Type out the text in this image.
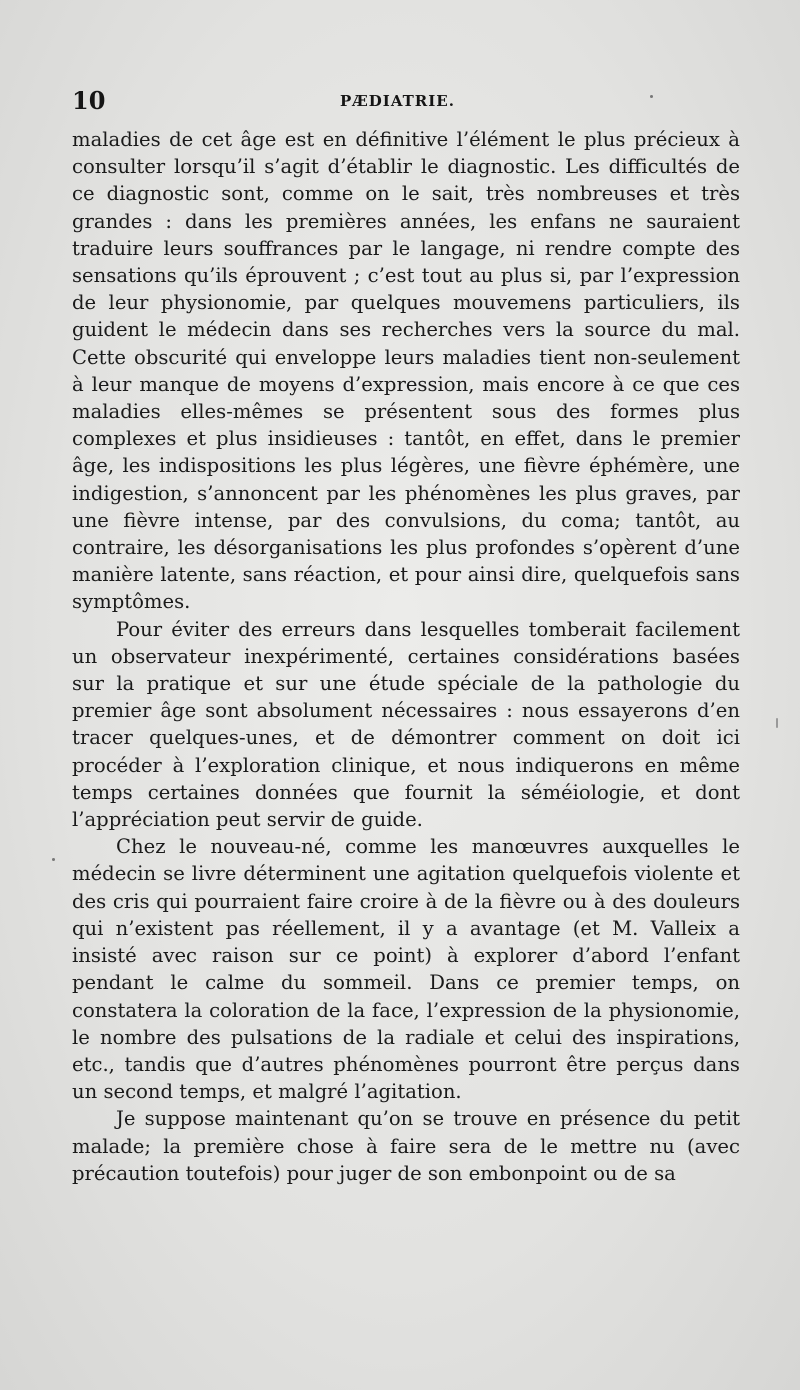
10	PÆDIATRIE.

maladies de cet âge est en définitive l’élément le plus précieux à consulter lorsqu’il s’agit d’établir le diagnostic. Les difficultés de ce diagnostic sont, comme on le sait, très nombreuses et très grandes : dans les premières années, les enfans ne sauraient traduire leurs souffrances par le langage, ni rendre compte des sensations qu’ils éprouvent ; c’est tout au plus si, par l’expression de leur physionomie, par quelques mouvemens particuliers, ils guident le médecin dans ses recherches vers la source du mal. Cette obscurité qui enveloppe leurs maladies tient non-seulement à leur manque de moyens d’expression, mais encore à ce que ces maladies elles-mêmes se présentent sous des formes plus complexes et plus insidieuses : tantôt, en effet, dans le premier âge, les indispositions les plus légères, une fièvre éphémère, une indigestion, s’annoncent par les phénomènes les plus graves, par une fièvre intense, par des convulsions, du coma; tantôt, au contraire, les désorganisations les plus profondes s’opèrent d’une manière latente, sans réaction, et pour ainsi dire, quelquefois sans symptômes.

Pour éviter des erreurs dans lesquelles tomberait facilement un observateur inexpérimenté, certaines considérations basées sur la pratique et sur une étude spéciale de la pathologie du premier âge sont absolument nécessaires : nous essayerons d’en tracer quelques-unes, et de démontrer comment on doit ici procéder à l’exploration clinique, et nous indiquerons en même temps certaines données que fournit la séméiologie, et dont l’appréciation peut servir de guide.

Chez le nouveau-né, comme les manœuvres auxquelles le médecin se livre déterminent une agitation quelquefois violente et des cris qui pourraient faire croire à de la fièvre ou à des douleurs qui n’existent pas réellement, il y a avantage (et M. Valleix a insisté avec raison sur ce point) à explorer d’abord l’enfant pendant le calme du sommeil. Dans ce premier temps, on constatera la coloration de la face, l’expression de la physionomie, le nombre des pulsations de la radiale et celui des inspirations, etc., tandis que d’autres phénomènes pourront être perçus dans un second temps, et malgré l’agitation.

Je suppose maintenant qu’on se trouve en présence du petit malade; la première chose à faire sera de le mettre nu (avec précaution toutefois) pour juger de son embonpoint ou de sa
